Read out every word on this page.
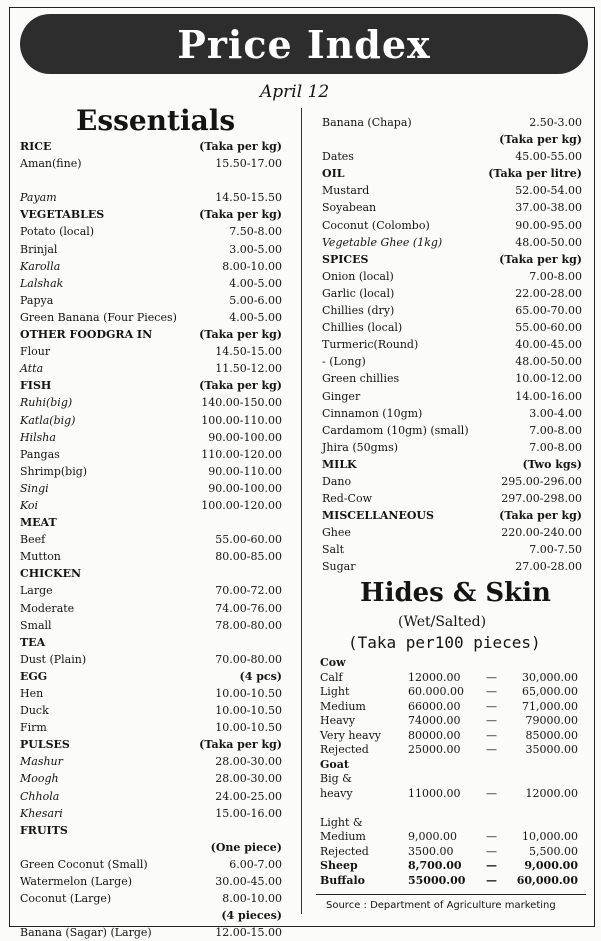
Price Index
April 12
Essentials
RICE	(Taka per kg)
Aman(fine)	15.50-17.00
Payam	14.50-15.50
VEGETABLES	(Taka per kg)
Potato (local)	7.50-8.00
Brinjal	3.00-5.00
Karolla	8.00-10.00
Lalshak	4.00-5.00
Papya	5.00-6.00
Green Banana (Four Pieces)	4.00-5.00
OTHER FOODGRA IN	(Taka per kg)
Flour	14.50-15.00
Atta	11.50-12.00
FISH	(Taka per kg)
Ruhi(big)	140.00-150.00
Katla(big)	100.00-110.00
Hilsha	90.00-100.00
Pangas	110.00-120.00
Shrimp(big)	90.00-110.00
Singi	90.00-100.00
Koi	100.00-120.00
MEAT
Beef	55.00-60.00
Mutton	80.00-85.00
CHICKEN
Large	70.00-72.00
Moderate	74.00-76.00
Small	78.00-80.00
TEA
Dust (Plain)	70.00-80.00
EGG	(4 pcs)
Hen	10.00-10.50
Duck	10.00-10.50
Firm	10.00-10.50
PULSES	(Taka per kg)
Mashur	28.00-30.00
Moogh	28.00-30.00
Chhola	24.00-25.00
Khesari	15.00-16.00
FRUITS
(One piece)
Green Coconut (Small)	6.00-7.00
Watermelon (Large)	30.00-45.00
Coconut (Large)	8.00-10.00
(4 pieces)
Banana (Sagar) (Large)	12.00-15.00
Banana (Chapa)	2.50-3.00
(Taka per kg)
Dates	45.00-55.00
OIL	(Taka per litre)
Mustard	52.00-54.00
Soyabean	37.00-38.00
Coconut (Colombo)	90.00-95.00
Vegetable Ghee (1kg)	48.00-50.00
SPICES	(Taka per kg)
Onion (local)	7.00-8.00
Garlic (local)	22.00-28.00
Chillies (dry)	65.00-70.00
Chillies (local)	55.00-60.00
Turmeric(Round)	40.00-45.00
- (Long)	48.00-50.00
Green chillies	10.00-12.00
Ginger	14.00-16.00
Cinnamon (10gm)	3.00-4.00
Cardamom (10gm) (small)	7.00-8.00
Jhira (50gms)	7.00-8.00
MILK	(Two kgs)
Dano	295.00-296.00
Red-Cow	297.00-298.00
MISCELLANEOUS	(Taka per kg)
Ghee	220.00-240.00
Salt	7.00-7.50
Sugar	27.00-28.00
Hides & Skin
(Wet/Salted)
(Taka per100 pieces)
Cow
Calf	12000.00 — 30,000.00
Light	60.000.00 — 65,000.00
Medium	66000.00 — 71,000.00
Heavy	74000.00 —	79000.00
Very heavy 80000.00 —	85000.00
Rejected	25000.00 —	35000.00
Goat
Big &
heavy	11000.00 —	12000.00
Light &
Medium	9,000.00	— 10,000.00
Rejected	3500.00	—	5,500.00
Sheep	8,700.00 — 9,000.00
Buffalo	55000.00 — 60,000.00
Source : Department of Agriculture marketing
